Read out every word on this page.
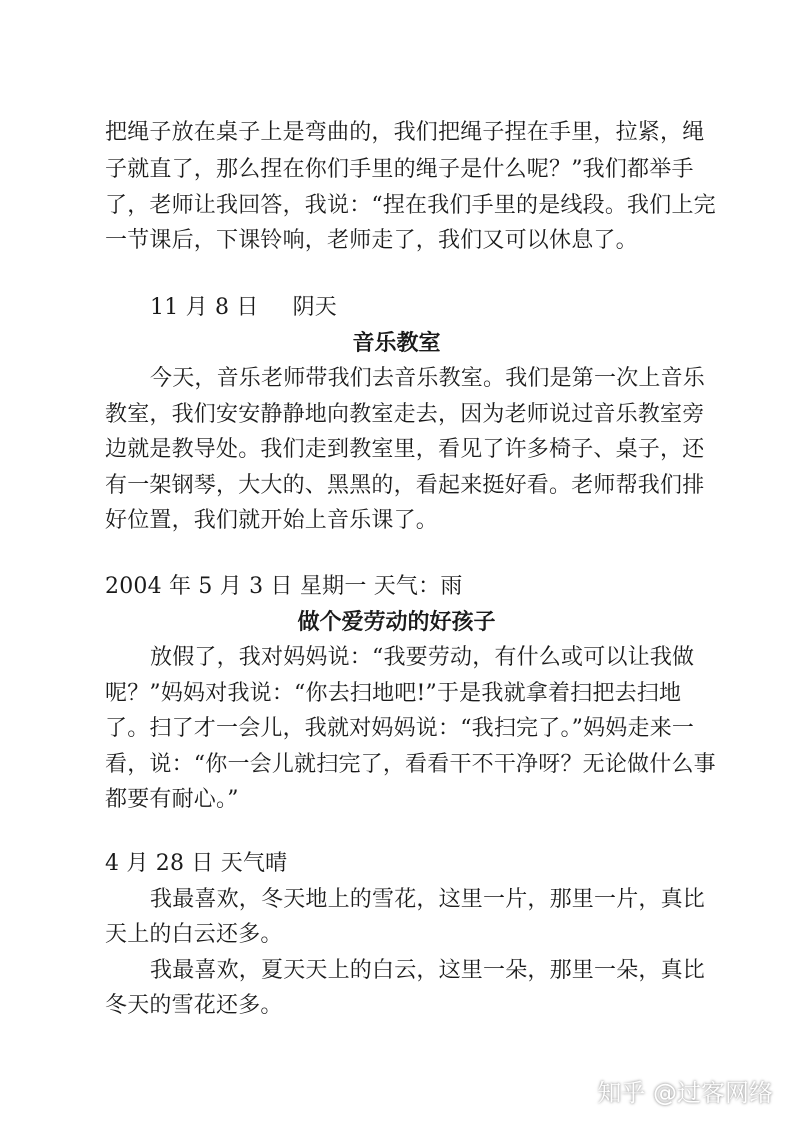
把绳子放在桌子上是弯曲的，我们把绳子捏在手里，拉紧，绳
子就直了，那么捏在你们手里的绳子是什么呢？”我们都举手
了，老师让我回答，我说：“捏在我们手里的是线段。我们上完
一节课后，下课铃响，老师走了，我们又可以休息了。
11 月 8 日 阴天
音乐教室
今天，音乐老师带我们去音乐教室。我们是第一次上音乐
教室，我们安安静静地向教室走去，因为老师说过音乐教室旁
边就是教导处。我们走到教室里，看见了许多椅子、桌子，还
有一架钢琴，大大的、黑黑的，看起来挺好看。老师帮我们排
好位置，我们就开始上音乐课了。
2004 年 5 月 3 日 星期一 天气：雨
做个爱劳动的好孩子
放假了，我对妈妈说：“我要劳动，有什么或可以让我做
呢？”妈妈对我说：“你去扫地吧!”于是我就拿着扫把去扫地
了。扫了才一会儿，我就对妈妈说：“我扫完了。”妈妈走来一
看，说：“你一会儿就扫完了，看看干不干净呀？无论做什么事
都要有耐心。”
4 月 28 日 天气晴
我最喜欢，冬天地上的雪花，这里一片，那里一片，真比
天上的白云还多。
我最喜欢，夏天天上的白云，这里一朵，那里一朵，真比
冬天的雪花还多。
知乎 @过客网络
